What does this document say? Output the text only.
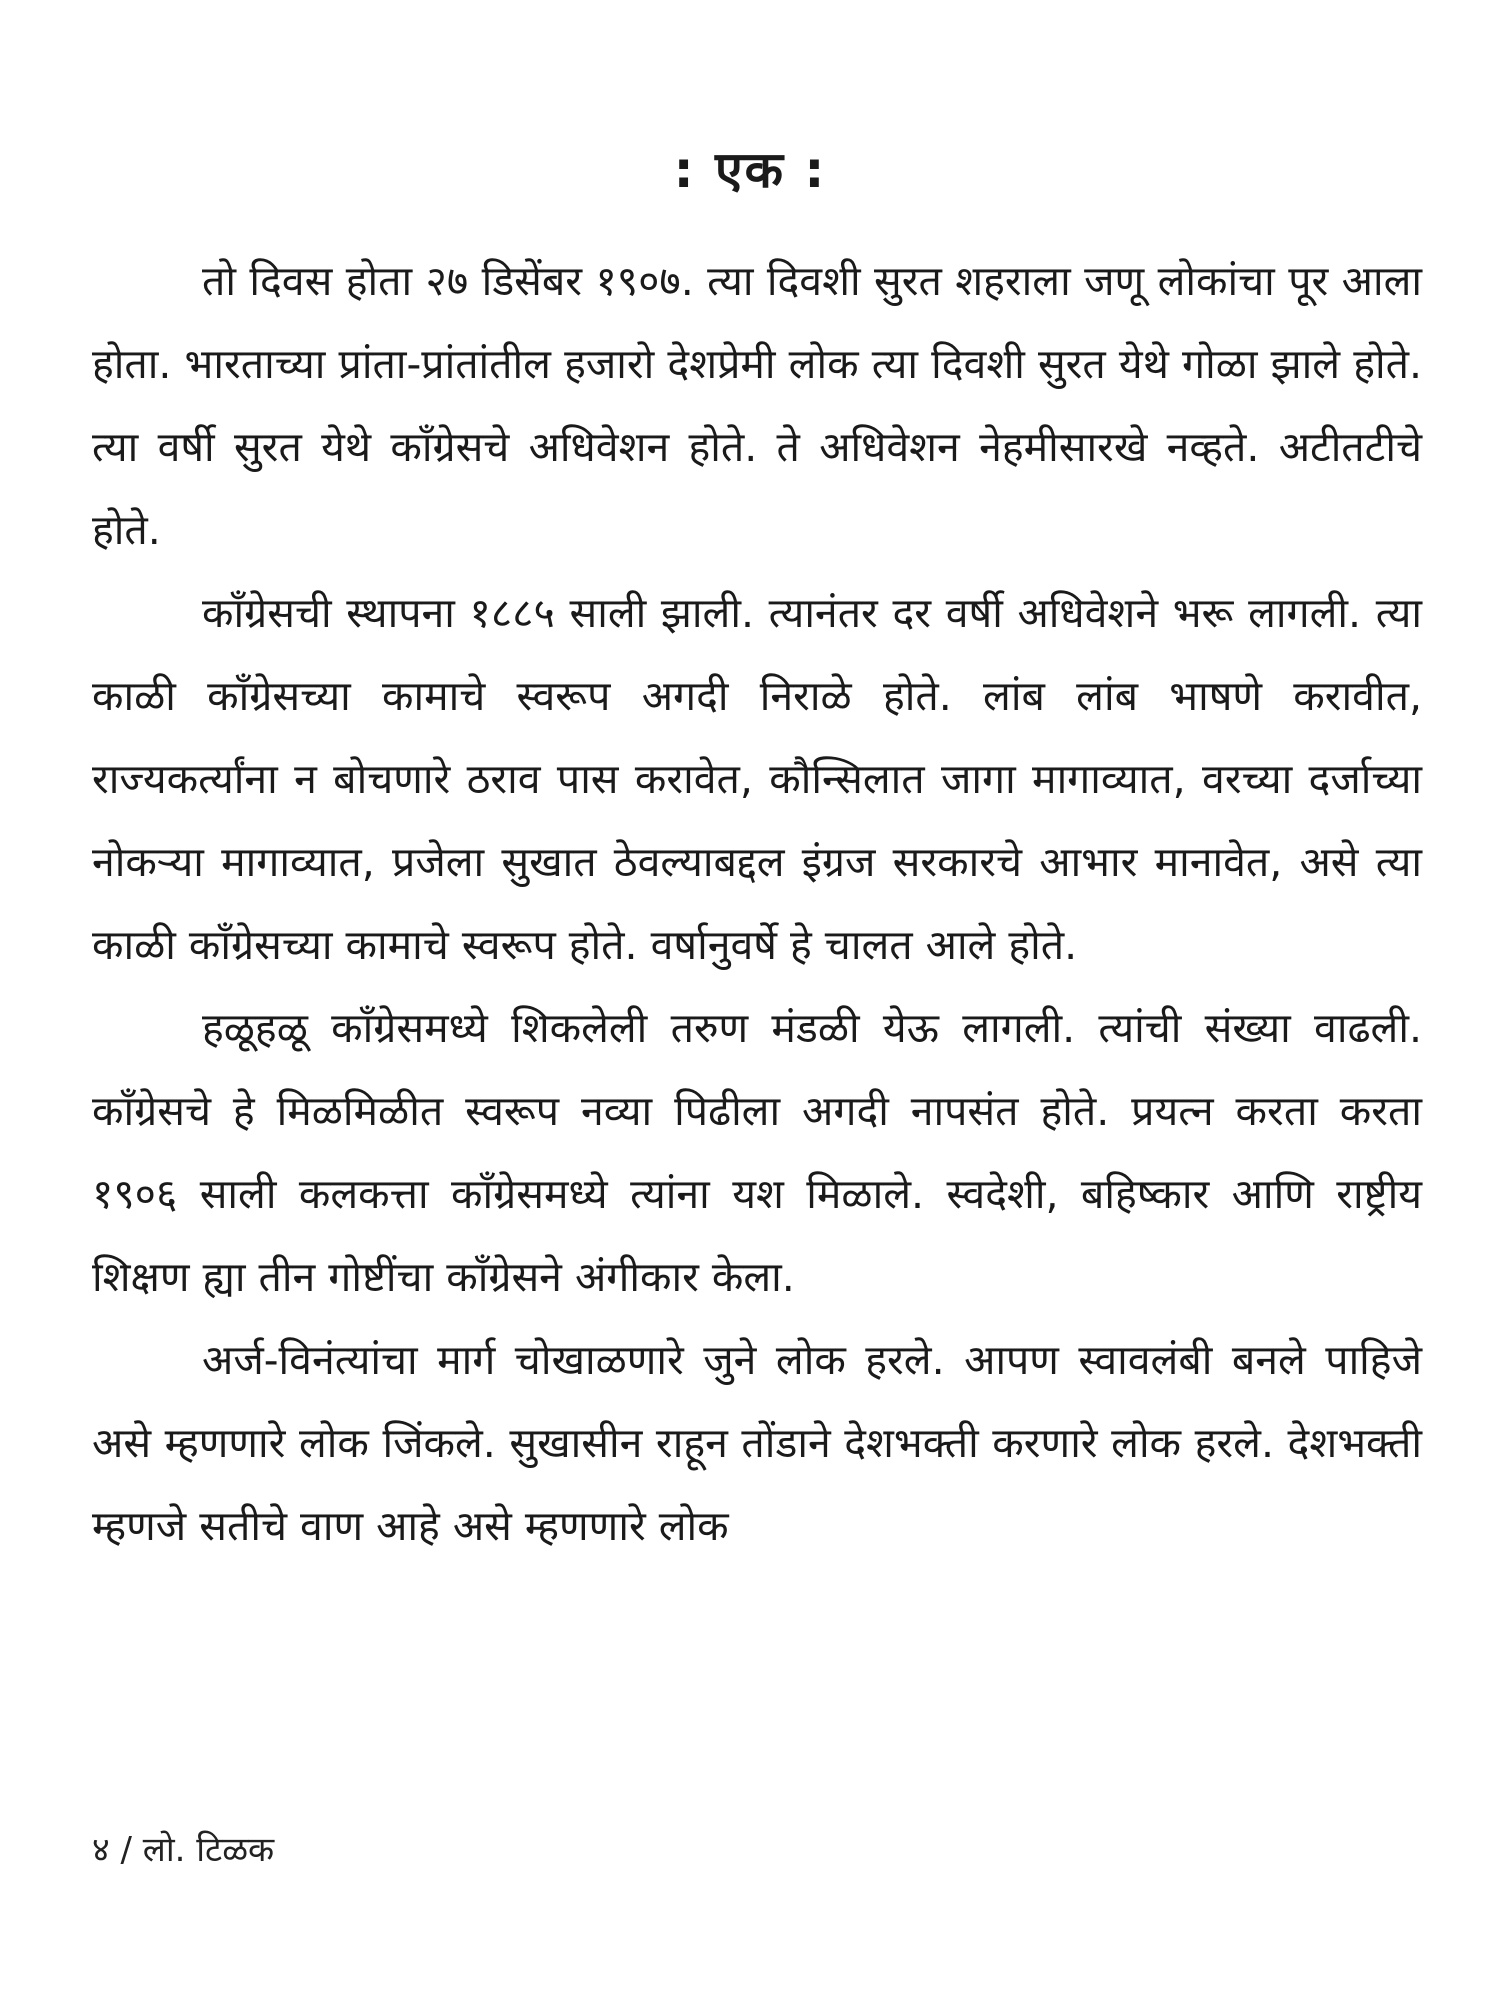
: एक :

तो दिवस होता २७ डिसेंबर १९०७. त्या दिवशी सुरत शहराला जणू लोकांचा पूर आला होता. भारताच्या प्रांता-प्रांतांतील हजारो देशप्रेमी लोक त्या दिवशी सुरत येथे गोळा झाले होते. त्या वर्षी सुरत येथे काँग्रेसचे अधिवेशन होते. ते अधिवेशन नेहमीसारखे नव्हते. अटीतटीचे होते.

काँग्रेसची स्थापना १८८५ साली झाली. त्यानंतर दर वर्षी अधिवेशने भरू लागली. त्या काळी काँग्रेसच्या कामाचे स्वरूप अगदी निराळे होते. लांब लांब भाषणे करावीत, राज्यकर्त्यांना न बोचणारे ठराव पास करावेत, कौन्सिलात जागा मागाव्यात, वरच्या दर्जाच्या नोकऱ्या मागाव्यात, प्रजेला सुखात ठेवल्याबद्दल इंग्रज सरकारचे आभार मानावेत, असे त्या काळी काँग्रेसच्या कामाचे स्वरूप होते. वर्षानुवर्षे हे चालत आले होते.

हळूहळू काँग्रेसमध्ये शिकलेली तरुण मंडळी येऊ लागली. त्यांची संख्या वाढली. काँग्रेसचे हे मिळमिळीत स्वरूप नव्या पिढीला अगदी नापसंत होते. प्रयत्न करता करता १९०६ साली कलकत्ता काँग्रेसमध्ये त्यांना यश मिळाले. स्वदेशी, बहिष्कार आणि राष्ट्रीय शिक्षण ह्या तीन गोष्टींचा काँग्रेसने अंगीकार केला.

अर्ज-विनंत्यांचा मार्ग चोखाळणारे जुने लोक हरले. आपण स्वावलंबी बनले पाहिजे असे म्हणणारे लोक जिंकले. सुखासीन राहून तोंडाने देशभक्ती करणारे लोक हरले. देशभक्ती म्हणजे सतीचे वाण आहे असे म्हणणारे लोक

४ / लो. टिळक
